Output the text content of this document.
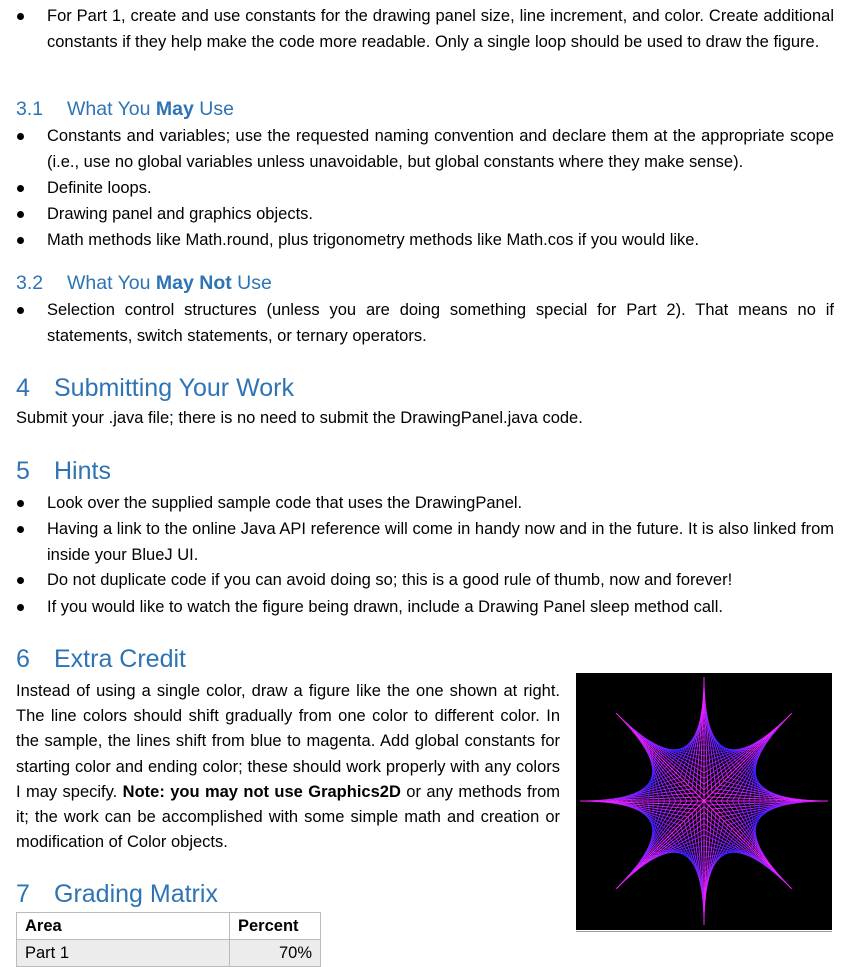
For Part 1, create and use constants for the drawing panel size, line increment, and color. Create additional constants if they help make the code more readable. Only a single loop should be used to draw the figure.
3.1 What You May Use
Constants and variables; use the requested naming convention and declare them at the appropriate scope (i.e., use no global variables unless unavoidable, but global constants where they make sense).
Definite loops.
Drawing panel and graphics objects.
Math methods like Math.round, plus trigonometry methods like Math.cos if you would like.
3.2 What You May Not Use
Selection control structures (unless you are doing something special for Part 2). That means no if statements, switch statements, or ternary operators.
4 Submitting Your Work
Submit your .java file; there is no need to submit the DrawingPanel.java code.
5 Hints
Look over the supplied sample code that uses the DrawingPanel.
Having a link to the online Java API reference will come in handy now and in the future. It is also linked from inside your BlueJ UI.
Do not duplicate code if you can avoid doing so; this is a good rule of thumb, now and forever!
If you would like to watch the figure being drawn, include a Drawing Panel sleep method call.
6 Extra Credit
Instead of using a single color, draw a figure like the one shown at right. The line colors should shift gradually from one color to different color. In the sample, the lines shift from blue to magenta. Add global constants for starting color and ending color; these should work properly with any colors I may specify. Note: you may not use Graphics2D or any methods from it; the work can be accomplished with some simple math and creation or modification of Color objects.
7 Grading Matrix
Area	Percent
Part 1	70%
